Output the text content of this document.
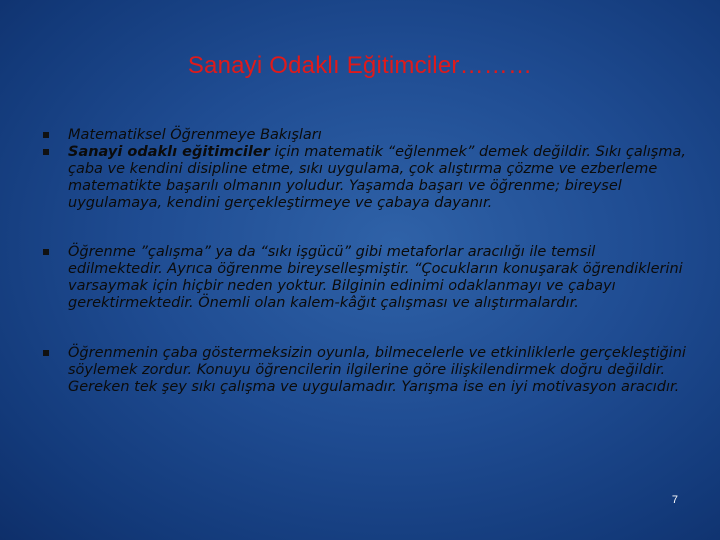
Sanayi Odaklı Eğitimciler………

Matematiksel Öğrenmeye Bakışları

Sanayi odaklı eğitimciler için matematik “eğlenmek” demek değildir. Sıkı çalışma, çaba ve kendini disipline etme, sıkı uygulama, çok alıştırma çözme ve ezberleme matematikte başarılı olmanın yoludur. Yaşamda başarı ve öğrenme; bireysel uygulamaya, kendini gerçekleştirmeye ve çabaya dayanır.

Öğrenme ”çalışma” ya da “sıkı işgücü” gibi metaforlar aracılığı ile temsil edilmektedir. Ayrıca öğrenme bireyselleşmiştir. “Çocukların konuşarak öğrendiklerini varsaymak için hiçbir neden yoktur. Bilginin edinimi odaklanmayı ve çabayı gerektirmektedir. Önemli olan kalem-kâğıt çalışması ve alıştırmalardır.

Öğrenmenin çaba göstermeksizin oyunla, bilmecelerle ve etkinliklerle gerçekleştiğini söylemek zordur. Konuyu öğrencilerin ilgilerine göre ilişkilendirmek doğru değildir. Gereken tek şey sıkı çalışma ve uygulamadır. Yarışma ise en iyi motivasyon aracıdır.

7
